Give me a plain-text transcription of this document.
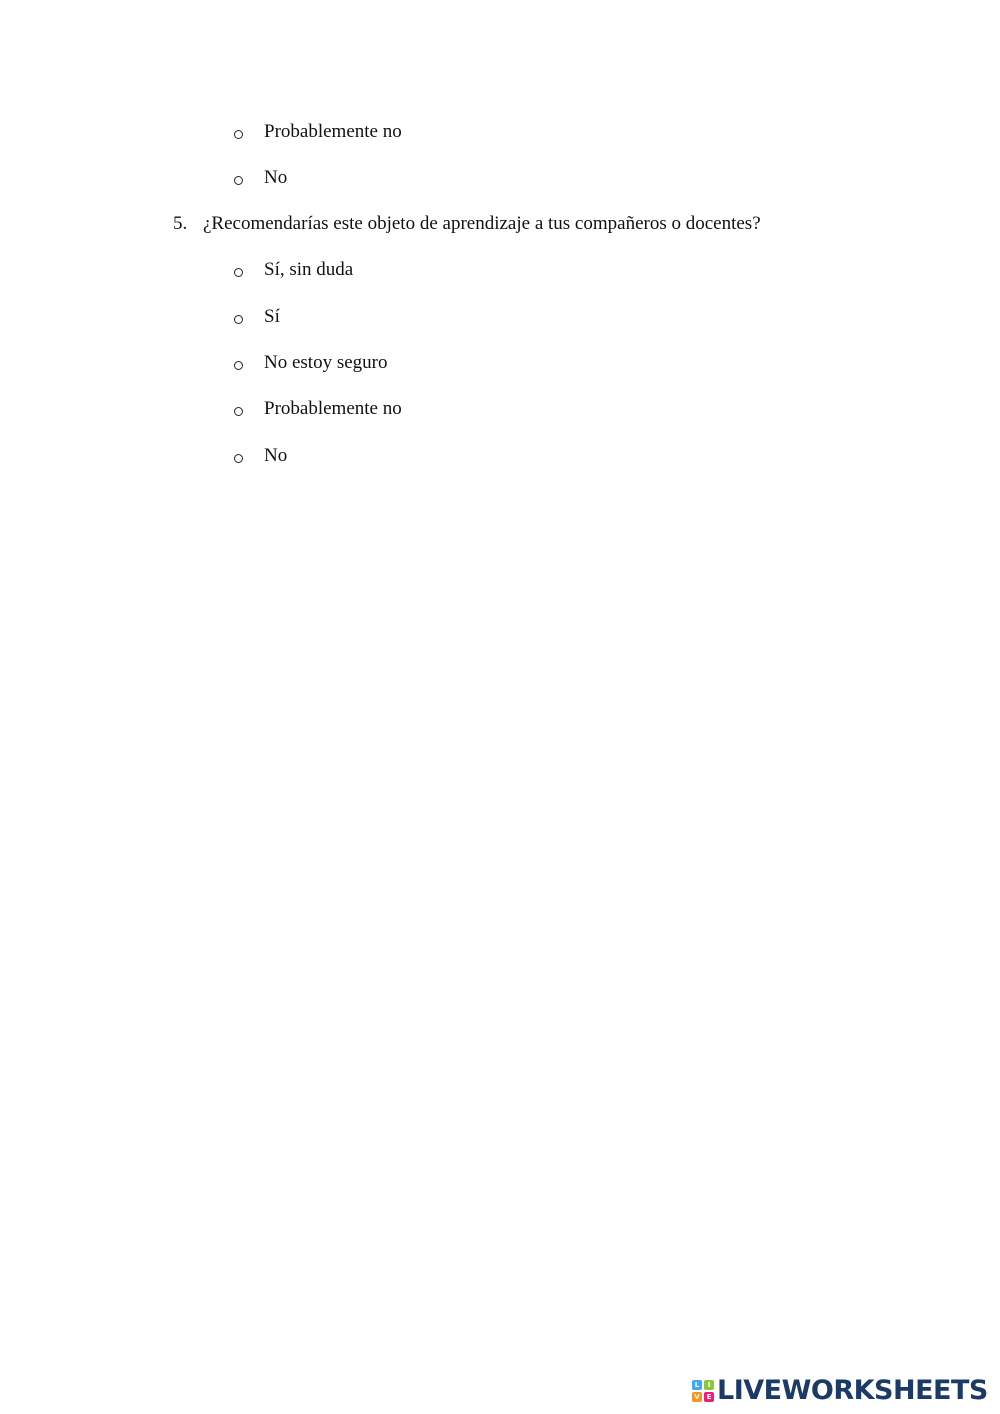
Probablemente no
No
5. ¿Recomendarías este objeto de aprendizaje a tus compañeros o docentes?
Sí, sin duda
Sí
No estoy seguro
Probablemente no
No
L	I
V E LIVEWORKSHEETS
